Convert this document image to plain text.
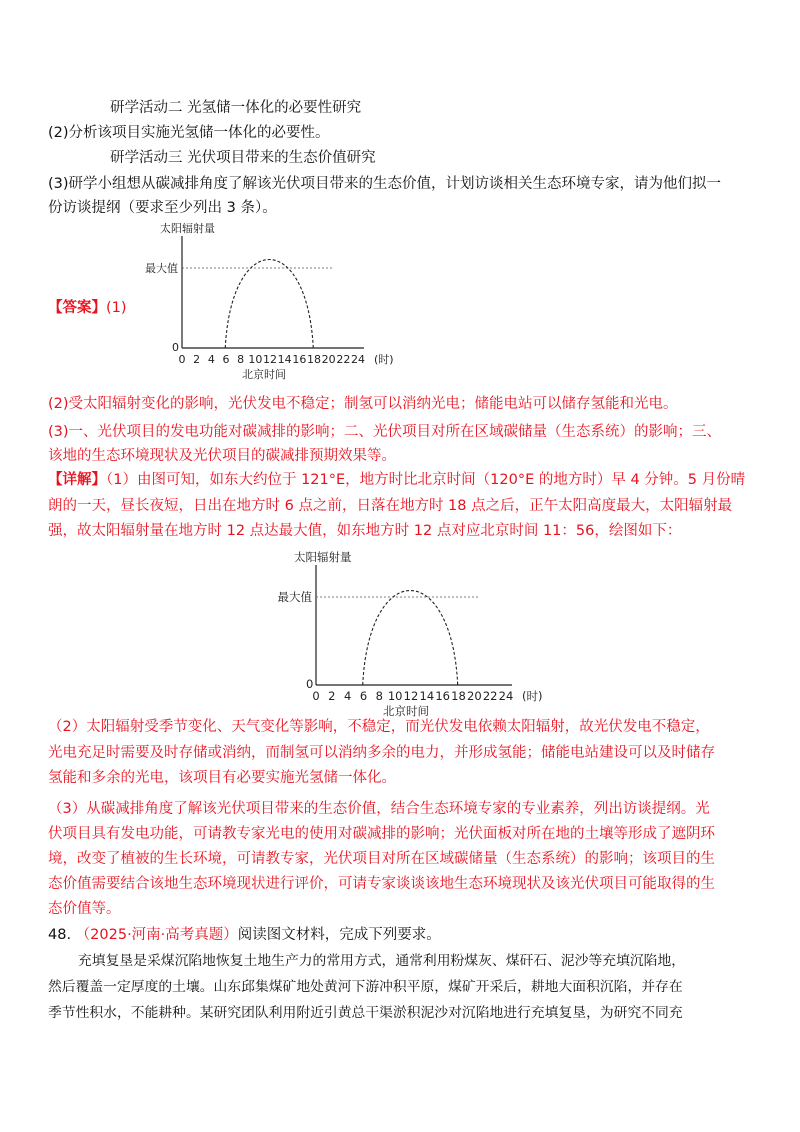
研学活动二 光氢储一体化的必要性研究
(2)分析该项目实施光氢储一体化的必要性。
研学活动三 光伏项目带来的生态价值研究
(3)研学小组想从碳减排角度了解该光伏项目带来的生态价值，计划访谈相关生态环境专家，请为他们拟一
份访谈提纲（要求至少列出 3 条）。
太阳辐射量
最大值
0
0 2 4 6 8 10 12 14 16 18 20 22 24 (时)
北京时间
【答案】(1)
(2)受太阳辐射变化的影响，光伏发电不稳定；制氢可以消纳光电；储能电站可以储存氢能和光电。
(3)一、光伏项目的发电功能对碳减排的影响；二、光伏项目对所在区域碳储量（生态系统）的影响；三、
该地的生态环境现状及光伏项目的碳减排预期效果等。
【详解】（1）由图可知，如东大约位于 121°E，地方时比北京时间（120°E 的地方时）早 4 分钟。5 月份晴
朗的一天，昼长夜短，日出在地方时 6 点之前，日落在地方时 18 点之后，正午太阳高度最大，太阳辐射最
强，故太阳辐射量在地方时 12 点达最大值，如东地方时 12 点对应北京时间 11：56，绘图如下：
太阳辐射量
最大值
0
0 2 4 6 8 10 12 14 16 18 20 22 24 (时)
北京时间
（2）太阳辐射受季节变化、天气变化等影响，不稳定，而光伏发电依赖太阳辐射，故光伏发电不稳定，
光电充足时需要及时存储或消纳，而制氢可以消纳多余的电力，并形成氢能；储能电站建设可以及时储存
氢能和多余的光电，该项目有必要实施光氢储一体化。
（3）从碳减排角度了解该光伏项目带来的生态价值，结合生态环境专家的专业素养，列出访谈提纲。光
伏项目具有发电功能，可请教专家光电的使用对碳减排的影响；光伏面板对所在地的土壤等形成了遮阴环
境，改变了植被的生长环境，可请教专家，光伏项目对所在区域碳储量（生态系统）的影响；该项目的生
态价值需要结合该地生态环境现状进行评价，可请专家谈谈该地生态环境现状及该光伏项目可能取得的生
态价值等。
48. （2025·河南·高考真题）阅读图文材料，完成下列要求。
充填复垦是采煤沉陷地恢复土地生产力的常用方式，通常利用粉煤灰、煤矸石、泥沙等充填沉陷地，
然后覆盖一定厚度的土壤。山东邱集煤矿地处黄河下游冲积平原，煤矿开采后，耕地大面积沉陷，并存在
季节性积水，不能耕种。某研究团队利用附近引黄总干渠淤积泥沙对沉陷地进行充填复垦，为研究不同充
